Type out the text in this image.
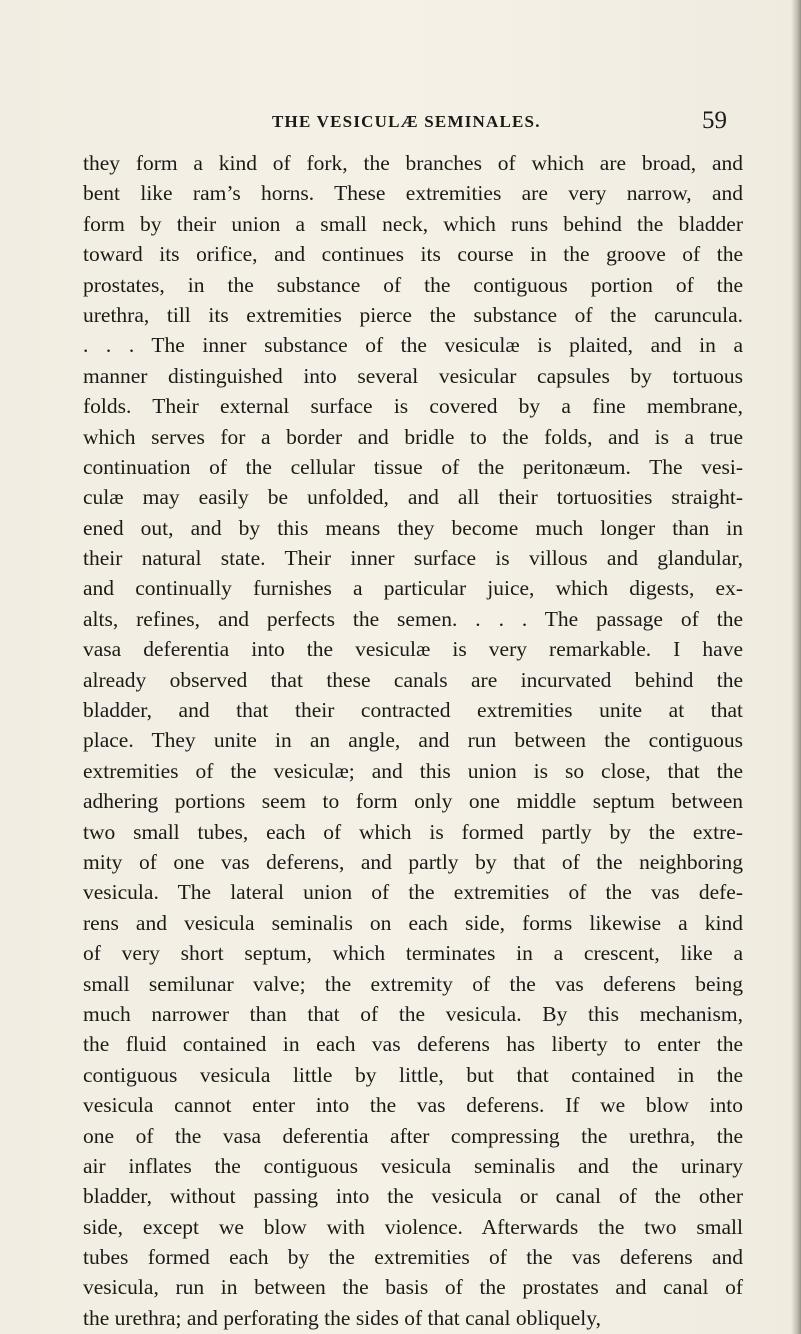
THE VESICULÆ SEMINALES.	59
they form a kind of fork, the branches of which are broad, and
bent like ram’s horns. These extremities are very narrow, and
form by their union a small neck, which runs behind the bladder
toward its orifice, and continues its course in the groove of the
prostates, in the substance of the contiguous portion of the
urethra, till its extremities pierce the substance of the caruncula.
. . . The inner substance of the vesiculæ is plaited, and in a
manner distinguished into several vesicular capsules by tortuous
folds. Their external surface is covered by a fine membrane,
which serves for a border and bridle to the folds, and is a true
continuation of the cellular tissue of the peritonæum. The vesi-
culæ may easily be unfolded, and all their tortuosities straight-
ened out, and by this means they become much longer than in
their natural state. Their inner surface is villous and glandular,
and continually furnishes a particular juice, which digests, ex-
alts, refines, and perfects the semen. . . . The passage of the
vasa deferentia into the vesiculæ is very remarkable. I have
already observed that these canals are incurvated behind the
bladder, and that their contracted extremities unite at that
place. They unite in an angle, and run between the contiguous
extremities of the vesiculæ; and this union is so close, that the
adhering portions seem to form only one middle septum between
two small tubes, each of which is formed partly by the extre-
mity of one vas deferens, and partly by that of the neighboring
vesicula. The lateral union of the extremities of the vas defe-
rens and vesicula seminalis on each side, forms likewise a kind
of very short septum, which terminates in a crescent, like a
small semilunar valve; the extremity of the vas deferens being
much narrower than that of the vesicula. By this mechanism,
the fluid contained in each vas deferens has liberty to enter the
contiguous vesicula little by little, but that contained in the
vesicula cannot enter into the vas deferens. If we blow into
one of the vasa deferentia after compressing the urethra, the
air inflates the contiguous vesicula seminalis and the urinary
bladder, without passing into the vesicula or canal of the other
side, except we blow with violence. Afterwards the two small
tubes formed each by the extremities of the vas deferens and
vesicula, run in between the basis of the prostates and canal of
the urethra; and perforating the sides of that canal obliquely,
